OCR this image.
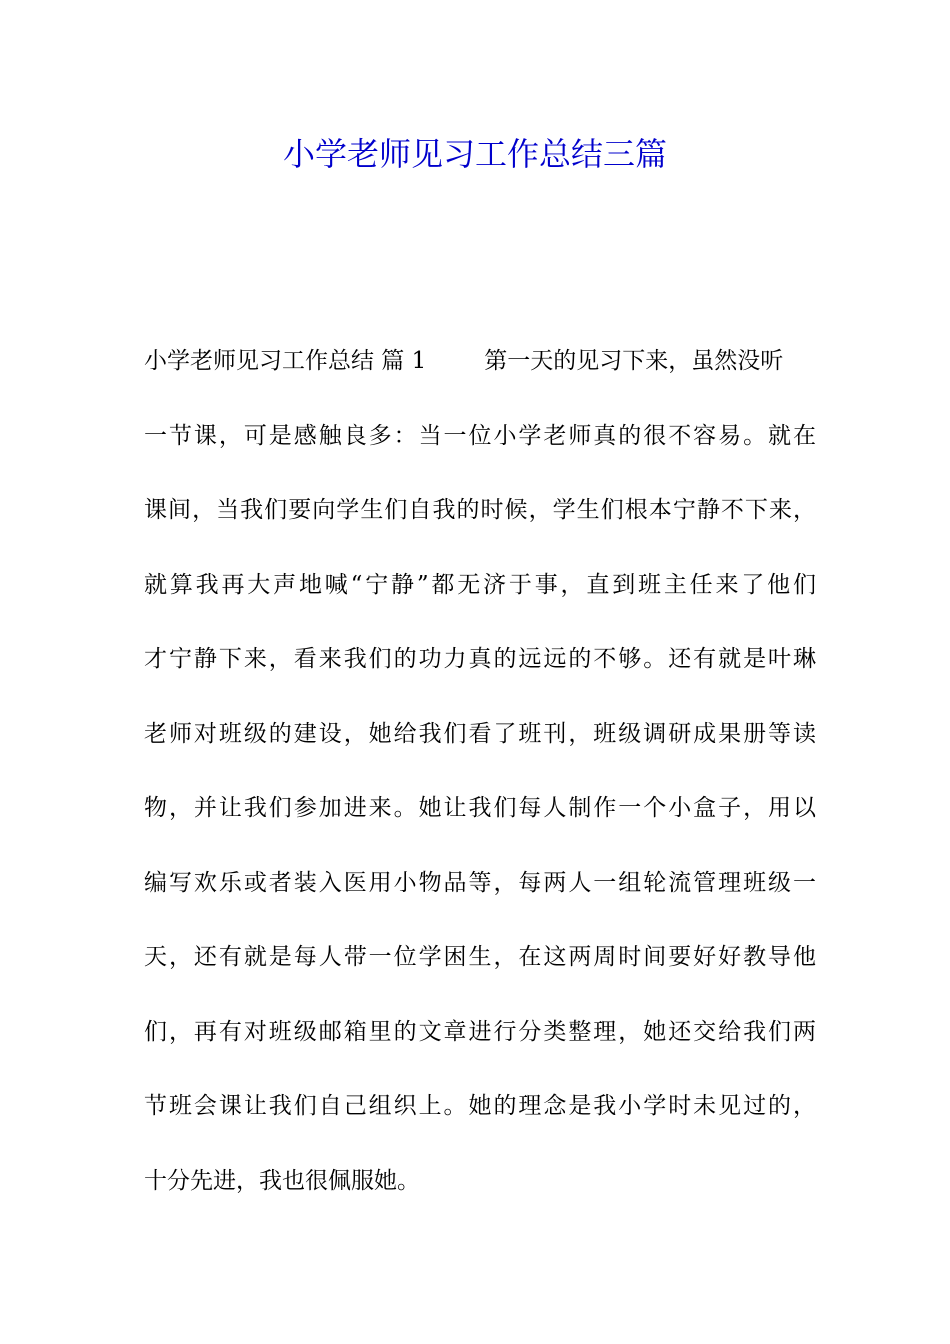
小学老师见习工作总结三篇
小学老师见习工作总结 篇 1	第一天的见习下来，虽然没听
一节课，可是感触良多：当一位小学老师真的很不容易。就在
课间，当我们要向学生们自我的时候，学生们根本宁静不下来，
就算我再大声地喊“宁静”都无济于事，直到班主任来了他们
才宁静下来，看来我们的功力真的远远的不够。还有就是叶琳
老师对班级的建设，她给我们看了班刊，班级调研成果册等读
物，并让我们参加进来。她让我们每人制作一个小盒子，用以
编写欢乐或者装入医用小物品等，每两人一组轮流管理班级一
天，还有就是每人带一位学困生，在这两周时间要好好教导他
们，再有对班级邮箱里的文章进行分类整理，她还交给我们两
节班会课让我们自己组织上。她的理念是我小学时未见过的，
十分先进，我也很佩服她。
